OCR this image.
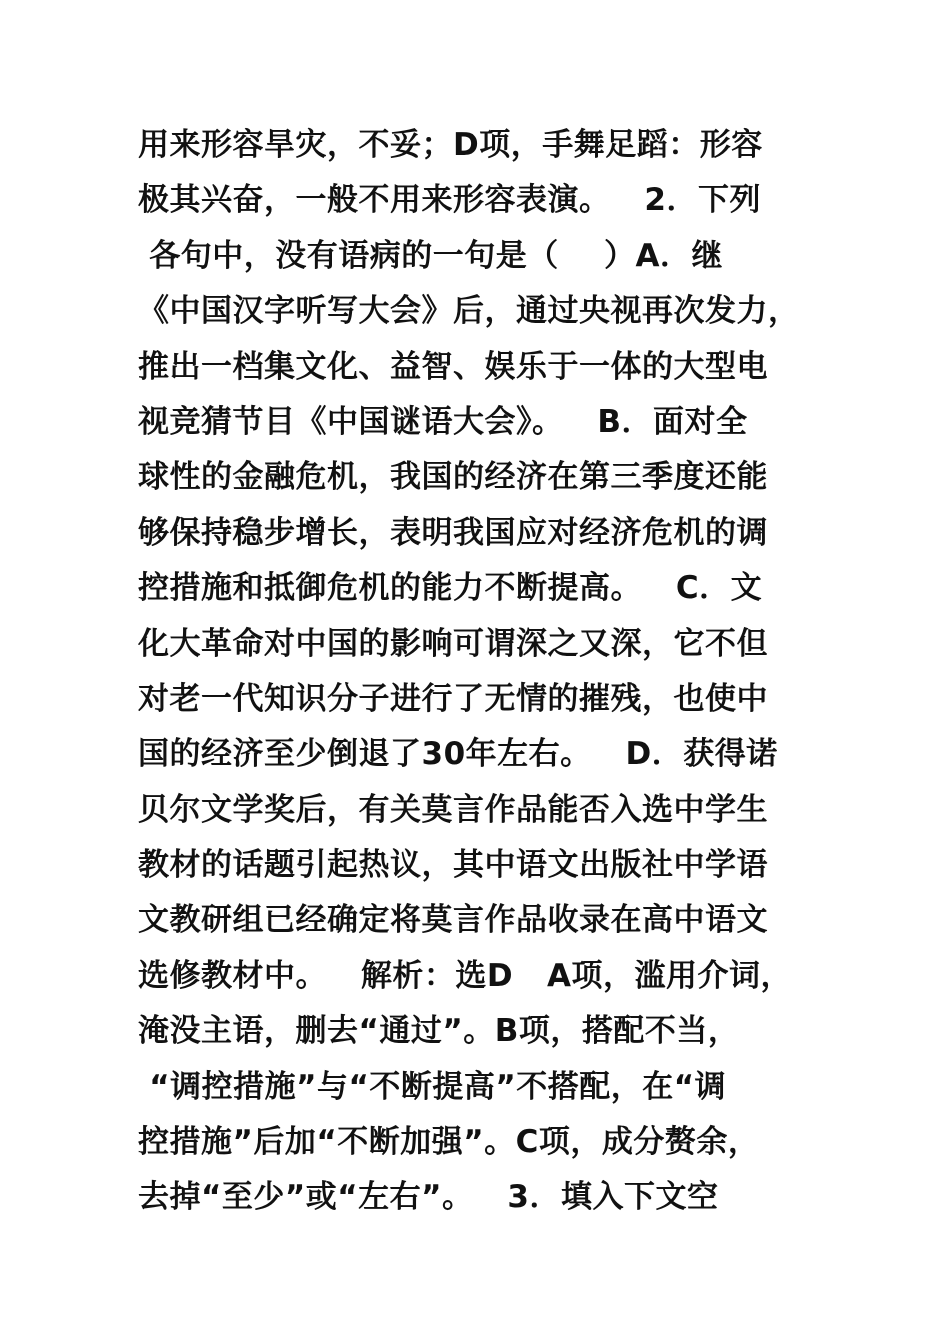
用来形容旱灾，不妥；D项，手舞足蹈：形容
极其兴奋，一般不用来形容表演。   2．下列
各句中，没有语病的一句是（    ）A．继
《中国汉字听写大会》后，通过央视再次发力，
推出一档集文化、益智、娱乐于一体的大型电
视竞猜节目《中国谜语大会》。   B．面对全
球性的金融危机，我国的经济在第三季度还能
够保持稳步增长，表明我国应对经济危机的调
控措施和抵御危机的能力不断提高。   C．文
化大革命对中国的影响可谓深之又深，它不但
对老一代知识分子进行了无情的摧残，也使中
国的经济至少倒退了30年左右。   D．获得诺
贝尔文学奖后，有关莫言作品能否入选中学生
教材的话题引起热议，其中语文出版社中学语
文教研组已经确定将莫言作品收录在高中语文
选修教材中。   解析：选D   A项，滥用介词，
淹没主语，删去“通过”。B项，搭配不当，
“调控措施”与“不断提高”不搭配，在“调
控措施”后加“不断加强”。C项，成分赘余，
去掉“至少”或“左右”。   3．填入下文空
